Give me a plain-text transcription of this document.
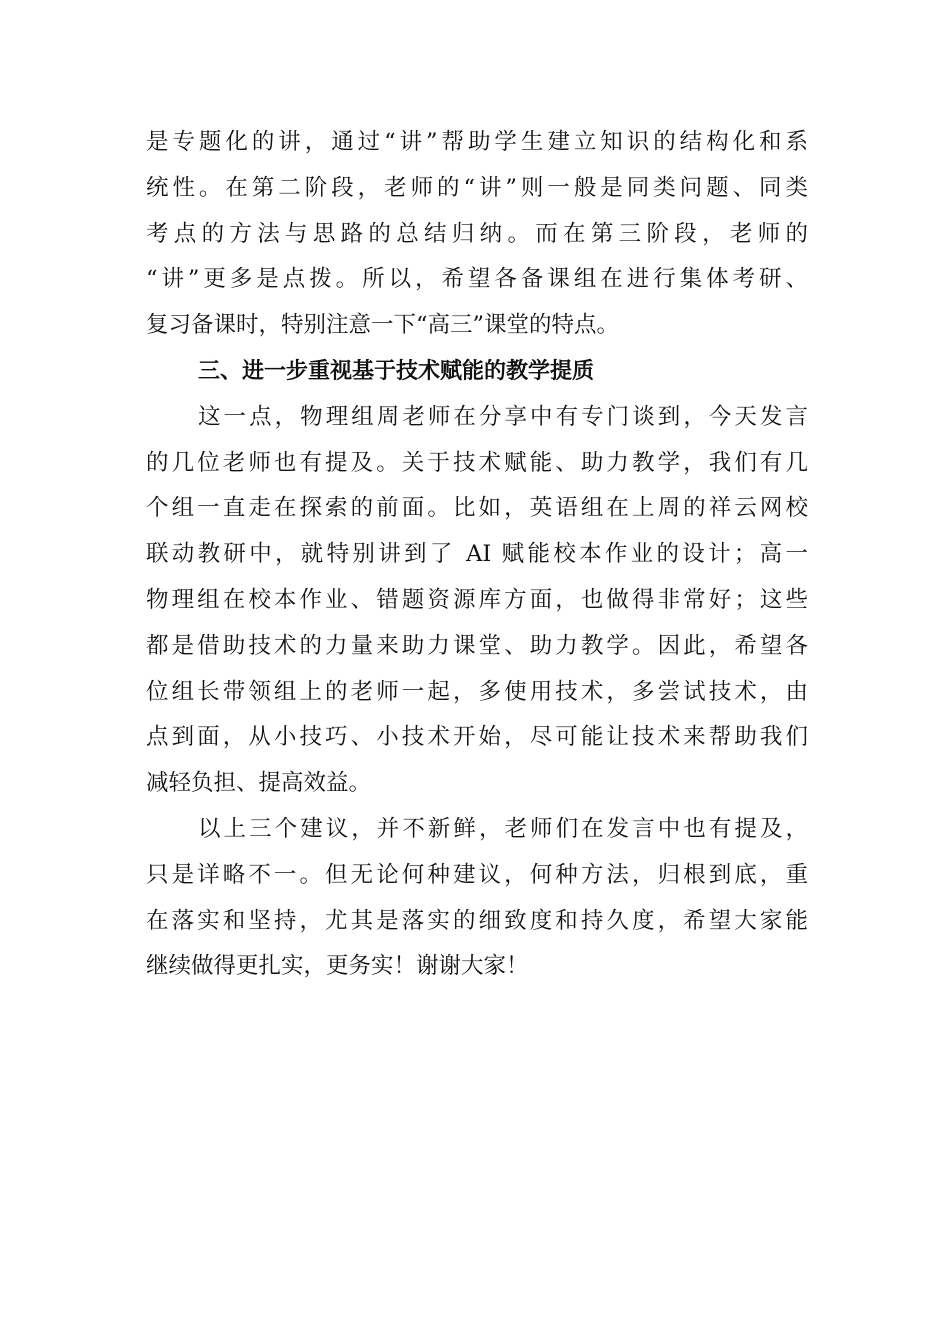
是专题化的讲，通过“讲”帮助学生建立知识的结构化和系
统性。在第二阶段，老师的“讲”则一般是同类问题、同类
考点的方法与思路的总结归纳。而在第三阶段，老师的
“讲”更多是点拨。所以，希望各备课组在进行集体考研、
复习备课时，特别注意一下“高三”课堂的特点。
三、进一步重视基于技术赋能的教学提质
这一点，物理组周老师在分享中有专门谈到，今天发言
的几位老师也有提及。关于技术赋能、助力教学，我们有几
个组一直走在探索的前面。比如，英语组在上周的祥云网校
联动教研中，就特别讲到了 AI 赋能校本作业的设计；高一
物理组在校本作业、错题资源库方面，也做得非常好；这些
都是借助技术的力量来助力课堂、助力教学。因此，希望各
位组长带领组上的老师一起，多使用技术，多尝试技术，由
点到面，从小技巧、小技术开始，尽可能让技术来帮助我们
减轻负担、提高效益。
以上三个建议，并不新鲜，老师们在发言中也有提及，
只是详略不一。但无论何种建议，何种方法，归根到底，重
在落实和坚持，尤其是落实的细致度和持久度，希望大家能
继续做得更扎实，更务实！谢谢大家！
